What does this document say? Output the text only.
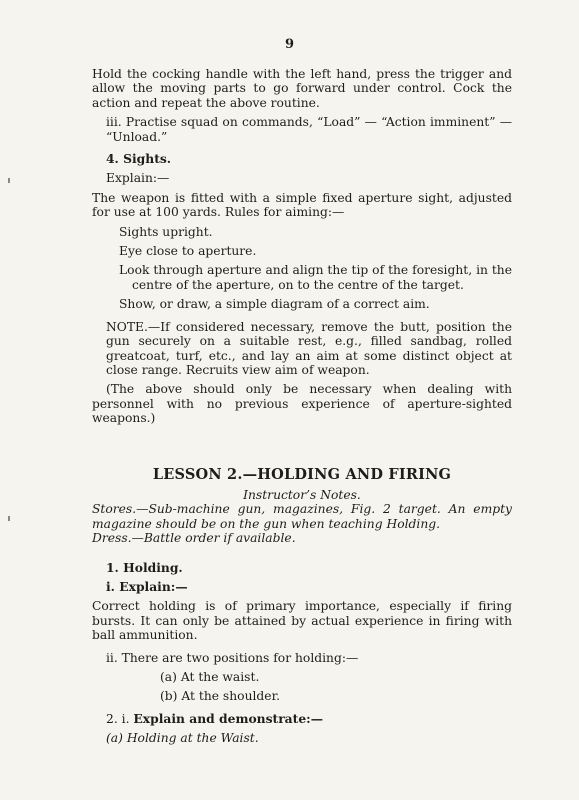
9

Hold the cocking handle with the left hand, press the trigger and allow the moving parts to go forward under control. Cock the action and repeat the above routine.

iii. Practise squad on commands, “Load” — “Action imminent” — “Unload.”

4. Sights.

Explain:—

The weapon is fitted with a simple fixed aperture sight, adjusted for use at 100 yards. Rules for aiming:—

Sights upright.

Eye close to aperture.

Look through aperture and align the tip of the foresight, in the centre of the aperture, on to the centre of the target.

Show, or draw, a simple diagram of a correct aim.

NOTE.—If considered necessary, remove the butt, position the gun securely on a suitable rest, e.g., filled sandbag, rolled greatcoat, turf, etc., and lay an aim at some distinct object at close range. Recruits view aim of weapon.

(The above should only be necessary when dealing with personnel with no previous experience of aperture-sighted weapons.)

LESSON 2.—HOLDING AND FIRING

Instructor’s Notes.

Stores.—Sub-machine gun, magazines, Fig. 2 target. An empty magazine should be on the gun when teaching Holding.

Dress.—Battle order if available.

1. Holding.

i. Explain:—

Correct holding is of primary importance, especially if firing bursts. It can only be attained by actual experience in firing with ball ammunition.

ii. There are two positions for holding:—

(a) At the waist.

(b) At the shoulder.

2. i. Explain and demonstrate:—

(a) Holding at the Waist.
